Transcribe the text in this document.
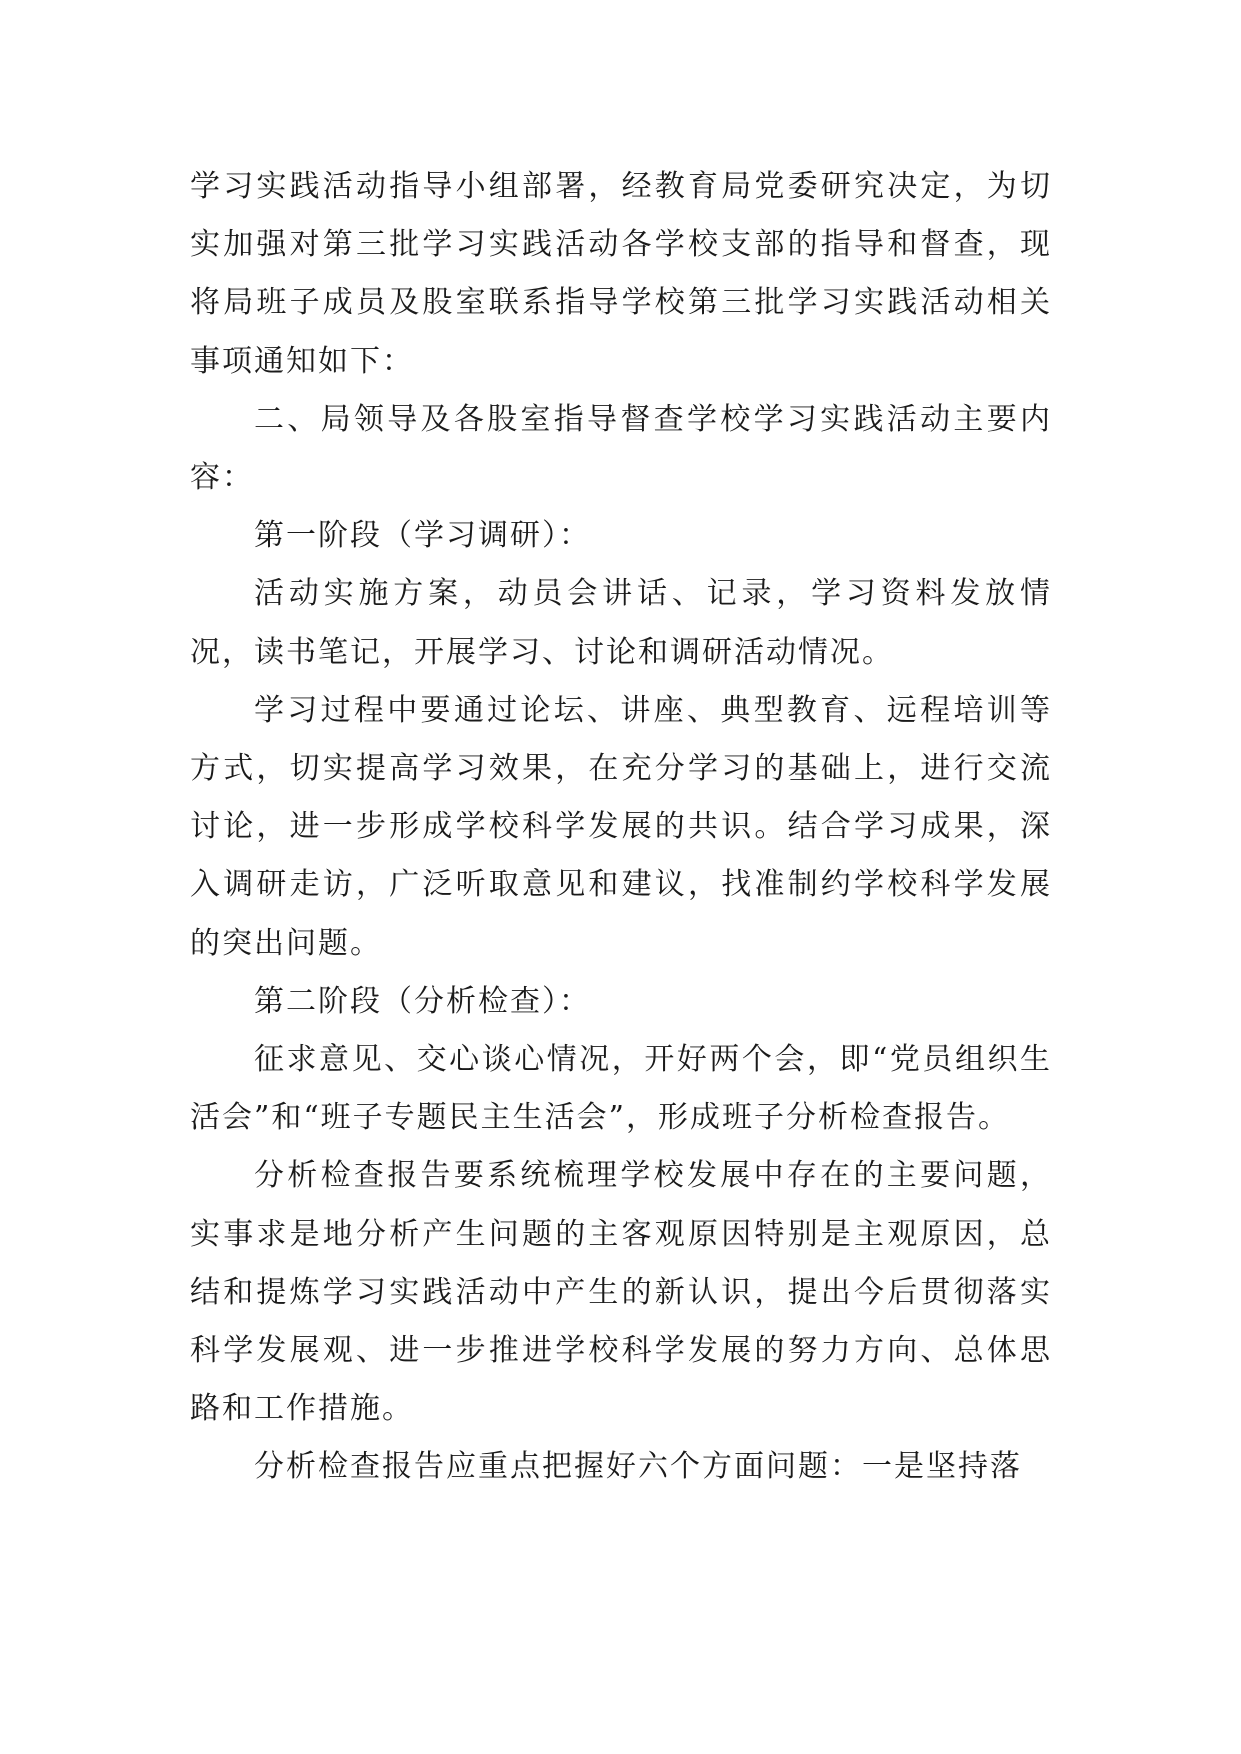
学习实践活动指导小组部署，经教育局党委研究决定，为切实加强对第三批学习实践活动各学校支部的指导和督查，现将局班子成员及股室联系指导学校第三批学习实践活动相关事项通知如下：

二、局领导及各股室指导督查学校学习实践活动主要内容：

第一阶段（学习调研）：

活动实施方案，动员会讲话、记录，学习资料发放情况，读书笔记，开展学习、讨论和调研活动情况。

学习过程中要通过论坛、讲座、典型教育、远程培训等方式，切实提高学习效果，在充分学习的基础上，进行交流讨论，进一步形成学校科学发展的共识。结合学习成果，深入调研走访，广泛听取意见和建议，找准制约学校科学发展的突出问题。

第二阶段（分析检查）：

征求意见、交心谈心情况，开好两个会，即“党员组织生活会”和“班子专题民主生活会”，形成班子分析检查报告。

分析检查报告要系统梳理学校发展中存在的主要问题，实事求是地分析产生问题的主客观原因特别是主观原因，总结和提炼学习实践活动中产生的新认识，提出今后贯彻落实科学发展观、进一步推进学校科学发展的努力方向、总体思路和工作措施。

分析检查报告应重点把握好六个方面问题：一是坚持落
